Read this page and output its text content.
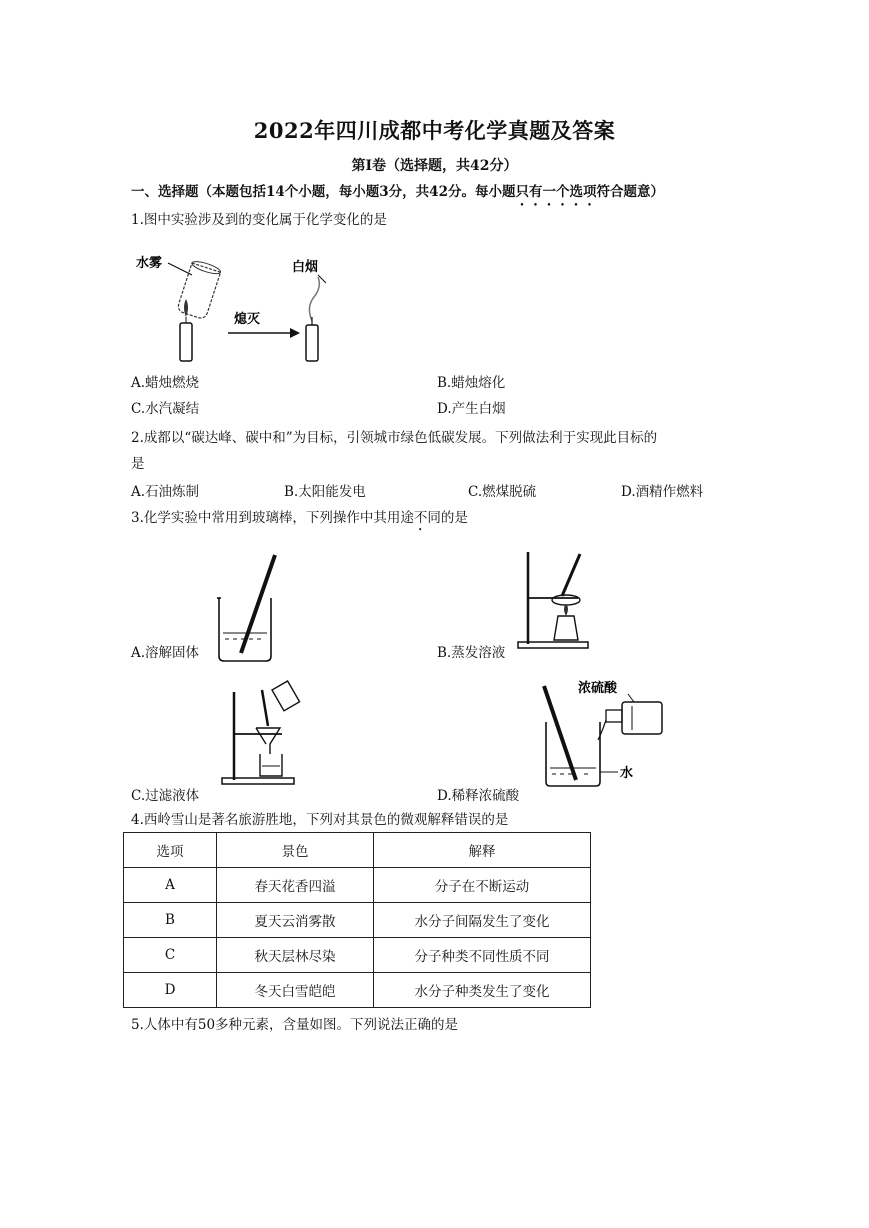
2022年四川成都中考化学真题及答案
第Ⅰ卷（选择题，共42分）
一、选择题（本题包括14个小题，每小题3分，共42分。每小题只有一个选项符合题意）
1.图中实验涉及到的变化属于化学变化的是
水雾
熄灭
白烟
A.蜡烛燃烧	B.蜡烛熔化
C.水汽凝结	D.产生白烟
2.成都以“碳达峰、碳中和”为目标，引领城市绿色低碳发展。下列做法利于实现此目标的
是
A.石油炼制	B.太阳能发电	C.燃煤脱硫	D.酒精作燃料
3.化学实验中常用到玻璃棒，下列操作中其用途不同的是
A.溶解固体	B.蒸发溶液
C.过滤液体
浓硫酸
水
D.稀释浓硫酸
4.西岭雪山是著名旅游胜地，下列对其景色的微观解释错误的是
选项	景色	解释
A	春天花香四溢	分子在不断运动
B	夏天云消雾散	水分子间隔发生了变化
C	秋天层林尽染	分子种类不同性质不同
D	冬天白雪皑皑	水分子种类发生了变化
5.人体中有50多种元素，含量如图。下列说法正确的是
